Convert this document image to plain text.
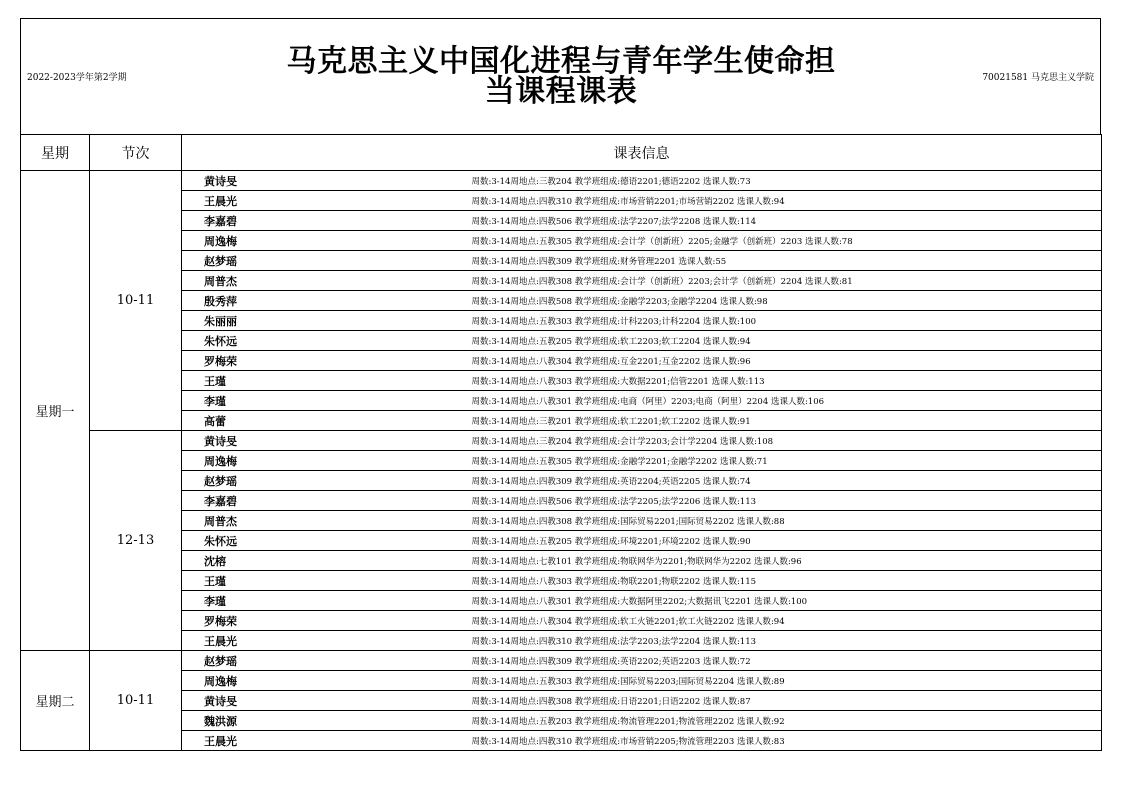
2022-2023学年第2学期	马克思主义中国化进程与青年学生使命担
当课程课表	70021581 马克思主义学院
星期	节次	课表信息	
星期一	10-11	黄诗旻	周数:3-14周地点:三教204 教学班组成:德语2201;德语2202 选课人数:73
		王晨光	周数:3-14周地点:四教310 教学班组成:市场营销2201;市场营销2202 选课人数:94
		李嘉碧	周数:3-14周地点:四教506 教学班组成:法学2207;法学2208 选课人数:114
		周逸梅	周数:3-14周地点:五教305 教学班组成:会计学（创新班）2205;金融学（创新班）2203 选课人数:78
		赵梦瑶	周数:3-14周地点:四教309 教学班组成:财务管理2201 选课人数:55
		周普杰	周数:3-14周地点:四教308 教学班组成:会计学（创新班）2203;会计学（创新班）2204 选课人数:81
		殷秀萍	周数:3-14周地点:四教508 教学班组成:金融学2203;金融学2204 选课人数:98
		朱丽丽	周数:3-14周地点:五教303 教学班组成:计科2203;计科2204 选课人数:100
		朱怀远	周数:3-14周地点:五教205 教学班组成:软工2203;软工2204 选课人数:94
		罗梅荣	周数:3-14周地点:八教304 教学班组成:互金2201;互金2202 选课人数:96
		王瑾	周数:3-14周地点:八教303 教学班组成:大数据2201;信管2201 选课人数:113
		李瑾	周数:3-14周地点:八教301 教学班组成:电商（阿里）2203;电商（阿里）2204 选课人数:106
		高蕾	周数:3-14周地点:三教201 教学班组成:软工2201;软工2202 选课人数:91
	12-13	黄诗旻	周数:3-14周地点:三教204 教学班组成:会计学2203;会计学2204 选课人数:108
		周逸梅	周数:3-14周地点:五教305 教学班组成:金融学2201;金融学2202 选课人数:71
		赵梦瑶	周数:3-14周地点:四教309 教学班组成:英语2204;英语2205 选课人数:74
		李嘉碧	周数:3-14周地点:四教506 教学班组成:法学2205;法学2206 选课人数:113
		周普杰	周数:3-14周地点:四教308 教学班组成:国际贸易2201;国际贸易2202 选课人数:88
		朱怀远	周数:3-14周地点:五教205 教学班组成:环境2201;环境2202 选课人数:90
		沈榕	周数:3-14周地点:七教101 教学班组成:物联网华为2201;物联网华为2202 选课人数:96
		王瑾	周数:3-14周地点:八教303 教学班组成:物联2201;物联2202 选课人数:115
		李瑾	周数:3-14周地点:八教301 教学班组成:大数据阿里2202;大数据讯飞2201 选课人数:100
		罗梅荣	周数:3-14周地点:八教304 教学班组成:软工火链2201;软工火链2202 选课人数:94
		王晨光	周数:3-14周地点:四教310 教学班组成:法学2203;法学2204 选课人数:113
星期二	10-11	赵梦瑶	周数:3-14周地点:四教309 教学班组成:英语2202;英语2203 选课人数:72
		周逸梅	周数:3-14周地点:五教303 教学班组成:国际贸易2203;国际贸易2204 选课人数:89
		黄诗旻	周数:3-14周地点:四教308 教学班组成:日语2201;日语2202 选课人数:87
		魏洪源	周数:3-14周地点:五教203 教学班组成:物流管理2201;物流管理2202 选课人数:92
		王晨光	周数:3-14周地点:四教310 教学班组成:市场营销2205;物流管理2203 选课人数:83
